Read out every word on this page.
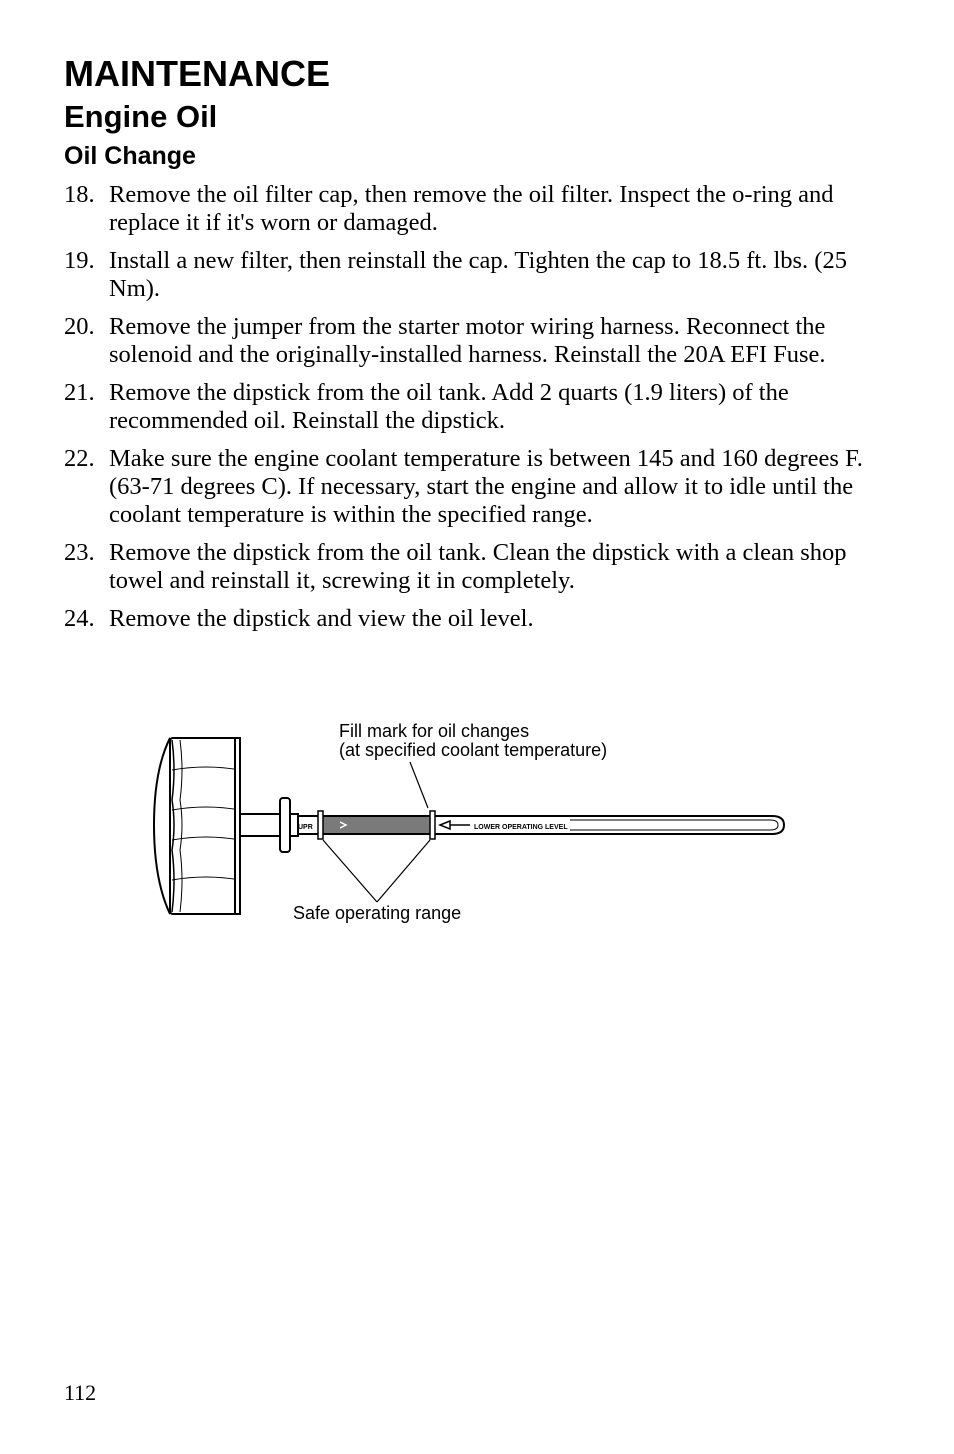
MAINTENANCE
Engine Oil
Oil Change
18. Remove the oil filter cap, then remove the oil filter. Inspect the o-ring and replace it if it's worn or damaged.
19. Install a new filter, then reinstall the cap. Tighten the cap to 18.5 ft. lbs. (25 Nm).
20. Remove the jumper from the starter motor wiring harness. Reconnect the solenoid and the originally-installed harness. Reinstall the 20A EFI Fuse.
21. Remove the dipstick from the oil tank. Add 2 quarts (1.9 liters) of the recommended oil. Reinstall the dipstick.
22. Make sure the engine coolant temperature is between 145 and 160 degrees F. (63-71 degrees C). If necessary, start the engine and allow it to idle until the coolant temperature is within the specified range.
23. Remove the dipstick from the oil tank. Clean the dipstick with a clean shop towel and reinstall it, screwing it in completely.
24. Remove the dipstick and view the oil level.
UPR	LOWER OPERATING LEVEL
Fill mark for oil changes
(at specified coolant temperature)
Safe operating range
112
